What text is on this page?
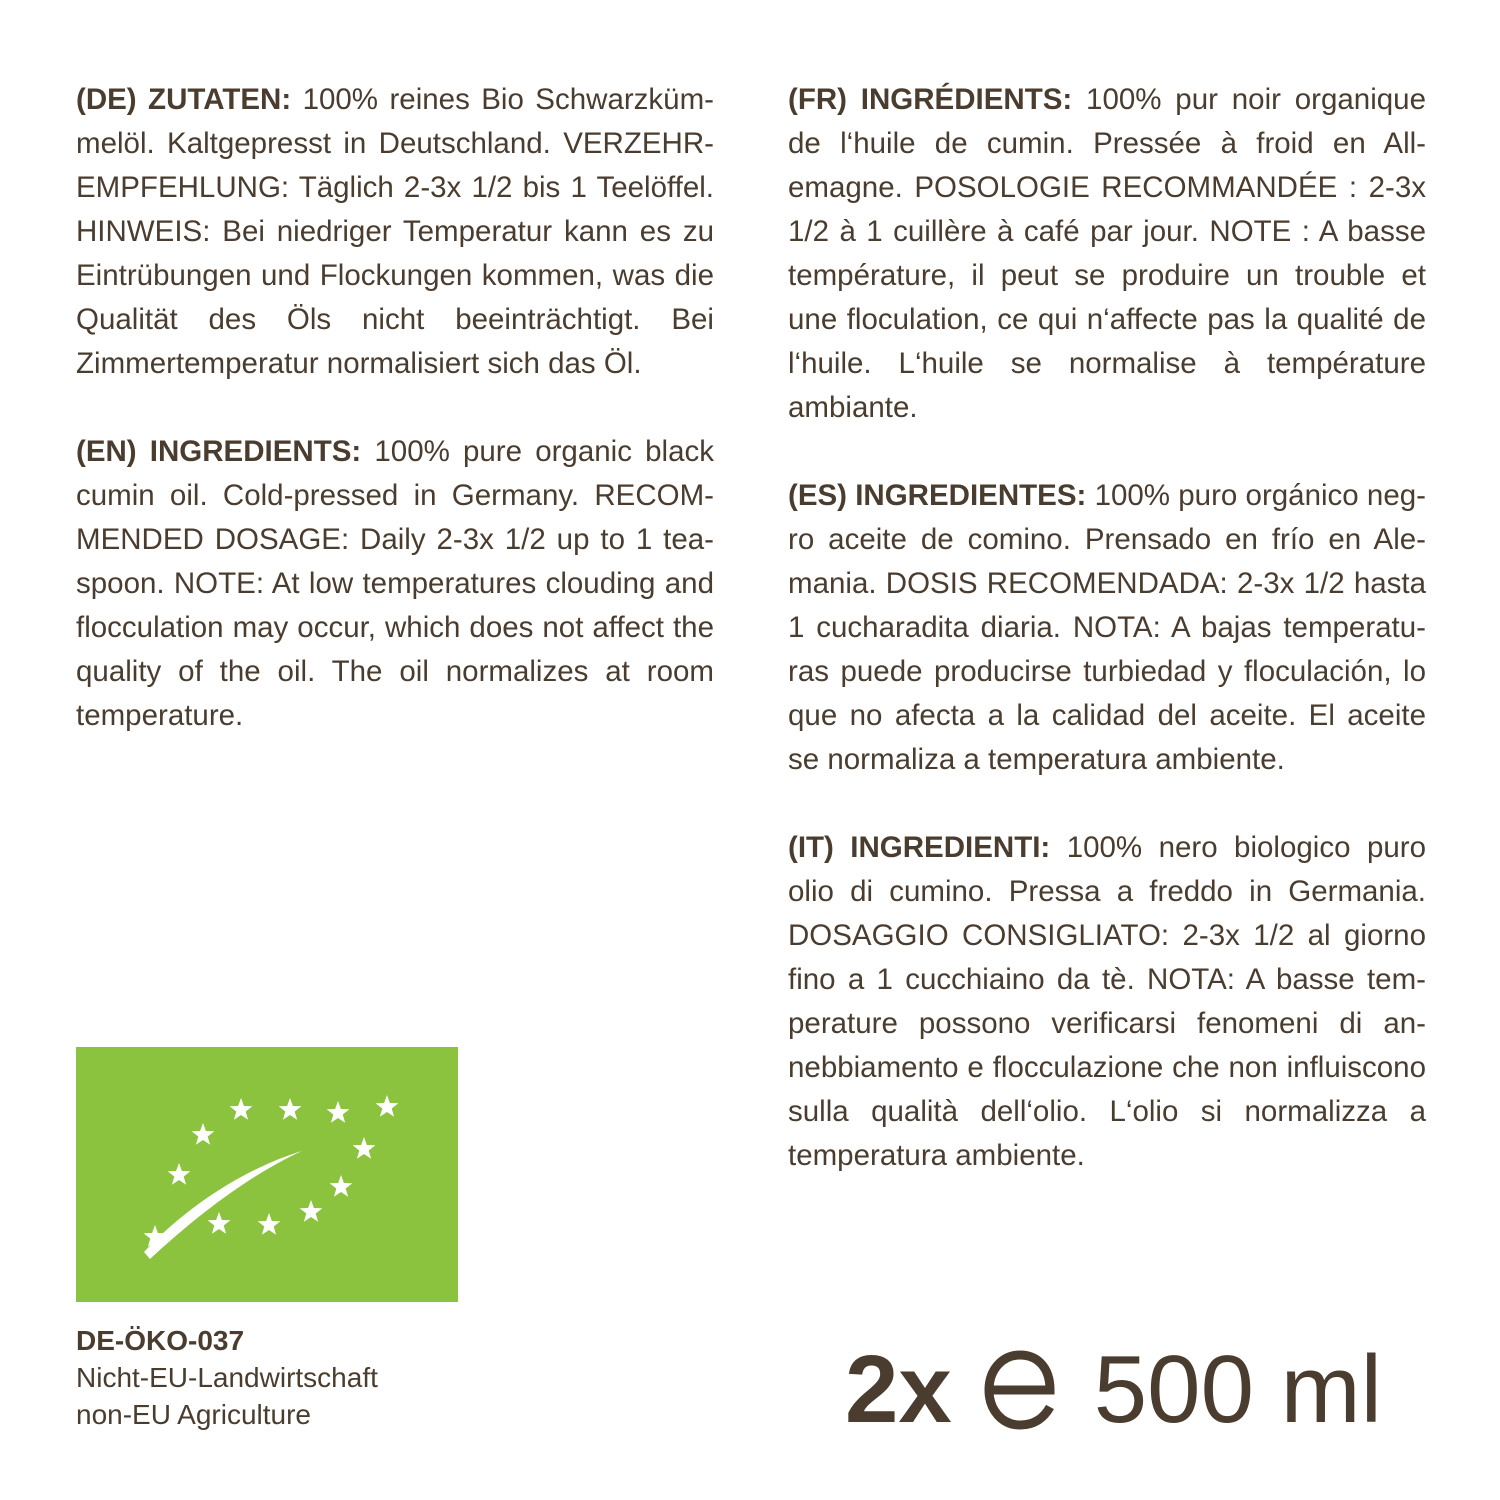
(DE) ZUTATEN: 100% reines Bio Schwarzkümmelöl. Kaltgepresst in Deutschland. VERZEHREMPFEHLUNG: Täglich 2-3x 1/2 bis 1 Teelöffel. HINWEIS: Bei niedriger Temperatur kann es zu Eintrübungen und Flockungen kommen, was die Qualität des Öls nicht beeinträchtigt. Bei Zimmertemperatur normalisiert sich das Öl.

(EN) INGREDIENTS: 100% pure organic black cumin oil. Cold-pressed in Germany. RECOMMENDED DOSAGE: Daily 2-3x 1/2 up to 1 teaspoon. NOTE: At low temperatures clouding and flocculation may occur, which does not affect the quality of the oil. The oil normalizes at room temperature.

(FR) INGRÉDIENTS: 100% pur noir organique de l‘huile de cumin. Pressée à froid en Allemagne. POSOLOGIE RECOMMANDÉE : 2-3x 1/2 à 1 cuillère à café par jour. NOTE : A basse température, il peut se produire un trouble et une floculation, ce qui n‘affecte pas la qualité de l‘huile. L‘huile se normalise à température ambiante.

(ES) INGREDIENTES: 100% puro orgánico negro aceite de comino. Prensado en frío en Alemania. DOSIS RECOMENDADA: 2-3x 1/2 hasta 1 cucharadita diaria. NOTA: A bajas temperaturas puede producirse turbiedad y floculación, lo que no afecta a la calidad del aceite. El aceite se normaliza a temperatura ambiente.

(IT) INGREDIENTI: 100% nero biologico puro olio di cumino. Pressa a freddo in Germania. DOSAGGIO CONSIGLIATO: 2-3x 1/2 al giorno fino a 1 cucchiaino da tè. NOTA: A basse temperature possono verificarsi fenomeni di annebbiamento e flocculazione che non influiscono sulla qualità dell‘olio. L‘olio si normalizza a temperatura ambiente.

DE-ÖKO-037
Nicht-EU-Landwirtschaft
non-EU Agriculture	2x 500 ml
